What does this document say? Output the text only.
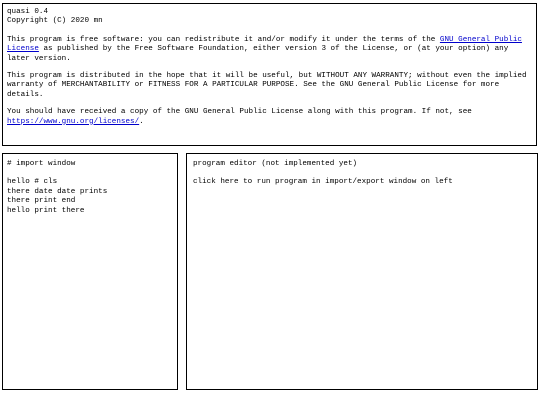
quasi 0.4

Copyright (C) 2020 mn

This program is free software: you can redistribute it and/or modify it under the terms of the GNU General Public License as published by the Free Software Foundation, either version 3 of the License, or (at your option) any later version.

This program is distributed in the hope that it will be useful, but WITHOUT ANY WARRANTY; without even the implied warranty of MERCHANTABILITY or FITNESS FOR A PARTICULAR PURPOSE. See the GNU General Public License for more details.

You should have received a copy of the GNU General Public License along with this program. If not, see https://www.gnu.org/licenses/.

# import window

hello # cls

there date date prints

there print end

hello print there

program editor (not implemented yet)

click here to run program in import/export window on left
